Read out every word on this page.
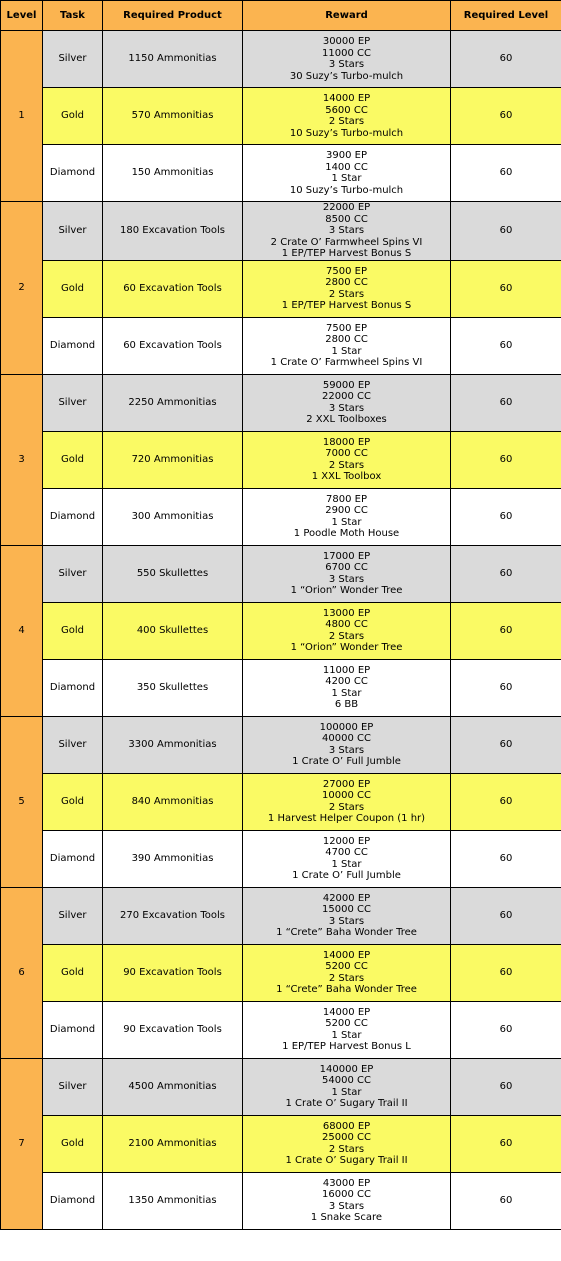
Level	Task	Required Product	Reward	Required Level
1	Silver	1150 Ammonitias	30000 EP
11000 CC
3 Stars
30 Suzy’s Turbo-mulch	60
	Gold	570 Ammonitias	14000 EP
5600 CC
2 Stars
10 Suzy’s Turbo-mulch	60
	Diamond	150 Ammonitias	3900 EP
1400 CC
1 Star
10 Suzy’s Turbo-mulch	60
2	Silver	180 Excavation Tools	22000 EP
8500 CC
3 Stars
2 Crate O’ Farmwheel Spins VI
1 EP/TEP Harvest Bonus S	60
	Gold	60 Excavation Tools	7500 EP
2800 CC
2 Stars
1 EP/TEP Harvest Bonus S	60
	Diamond	60 Excavation Tools	7500 EP
2800 CC
1 Star
1 Crate O’ Farmwheel Spins VI	60
3	Silver	2250 Ammonitias	59000 EP
22000 CC
3 Stars
2 XXL Toolboxes	60
	Gold	720 Ammonitias	18000 EP
7000 CC
2 Stars
1 XXL Toolbox	60
	Diamond	300 Ammonitias	7800 EP
2900 CC
1 Star
1 Poodle Moth House	60
4	Silver	550 Skullettes	17000 EP
6700 CC
3 Stars
1 “Orion” Wonder Tree	60
	Gold	400 Skullettes	13000 EP
4800 CC
2 Stars
1 “Orion” Wonder Tree	60
	Diamond	350 Skullettes	11000 EP
4200 CC
1 Star
6 BB	60
5	Silver	3300 Ammonitias	100000 EP
40000 CC
3 Stars
1 Crate O’ Full Jumble	60
	Gold	840 Ammonitias	27000 EP
10000 CC
2 Stars
1 Harvest Helper Coupon (1 hr)	60
	Diamond	390 Ammonitias	12000 EP
4700 CC
1 Star
1 Crate O’ Full Jumble	60
6	Silver	270 Excavation Tools	42000 EP
15000 CC
3 Stars
1 “Crete” Baha Wonder Tree	60
	Gold	90 Excavation Tools	14000 EP
5200 CC
2 Stars
1 “Crete” Baha Wonder Tree	60
	Diamond	90 Excavation Tools	14000 EP
5200 CC
1 Star
1 EP/TEP Harvest Bonus L	60
7	Silver	4500 Ammonitias	140000 EP
54000 CC
1 Star
1 Crate O’ Sugary Trail II	60
	Gold	2100 Ammonitias	68000 EP
25000 CC
2 Stars
1 Crate O’ Sugary Trail II	60
	Diamond	1350 Ammonitias	43000 EP
16000 CC
3 Stars
1 Snake Scare	60
